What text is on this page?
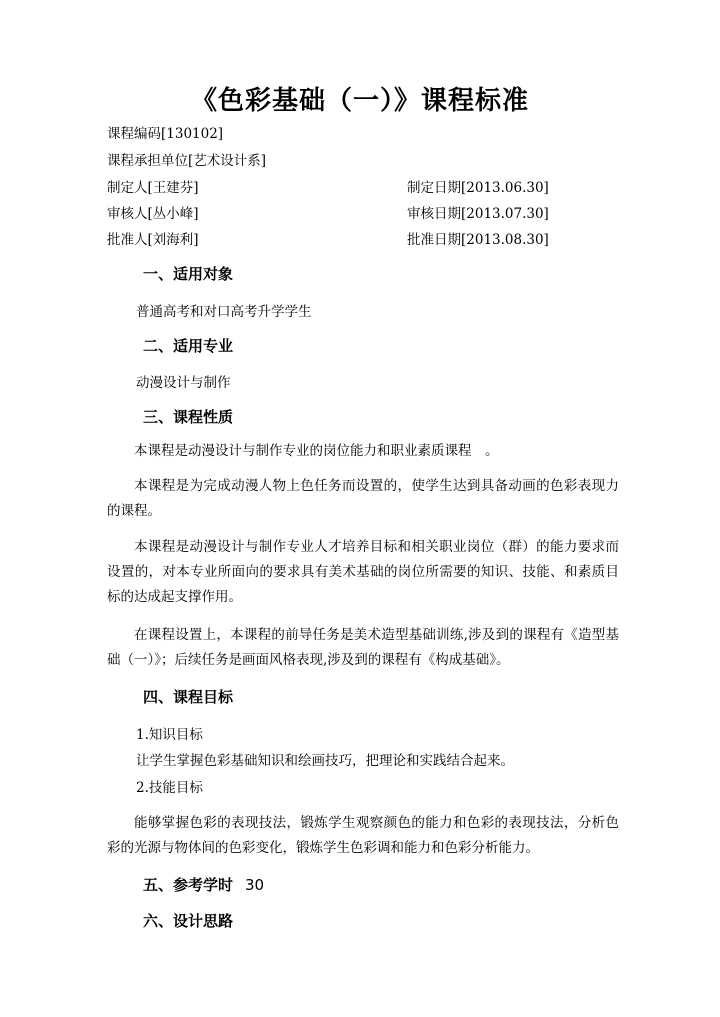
《色彩基础（一）》课程标准
课程编码[130102]
课程承担单位[艺术设计系]
制定人[王建芬]	制定日期[2013.06.30]
审核人[丛小峰]	审核日期[2013.07.30]
批准人[刘海利]	批准日期[2013.08.30]
一、适用对象
普通高考和对口高考升学学生
二、适用专业
动漫设计与制作
三、课程性质
本课程是动漫设计与制作专业的岗位能力和职业素质课程　。
本课程是为完成动漫人物上色任务而设置的，使学生达到具备动画的色彩表现力的课程。
本课程是动漫设计与制作专业人才培养目标和相关职业岗位（群）的能力要求而设置的，对本专业所面向的要求具有美术基础的岗位所需要的知识、技能、和素质目标的达成起支撑作用。
在课程设置上，本课程的前导任务是美术造型基础训练,涉及到的课程有《造型基础（一）》；后续任务是画面风格表现,涉及到的课程有《构成基础》。
四、课程目标
1.知识目标
让学生掌握色彩基础知识和绘画技巧，把理论和实践结合起来。
2.技能目标
能够掌握色彩的表现技法，锻炼学生观察颜色的能力和色彩的表现技法，分析色彩的光源与物体间的色彩变化，锻炼学生色彩调和能力和色彩分析能力。
五、参考学时 30
六、设计思路
